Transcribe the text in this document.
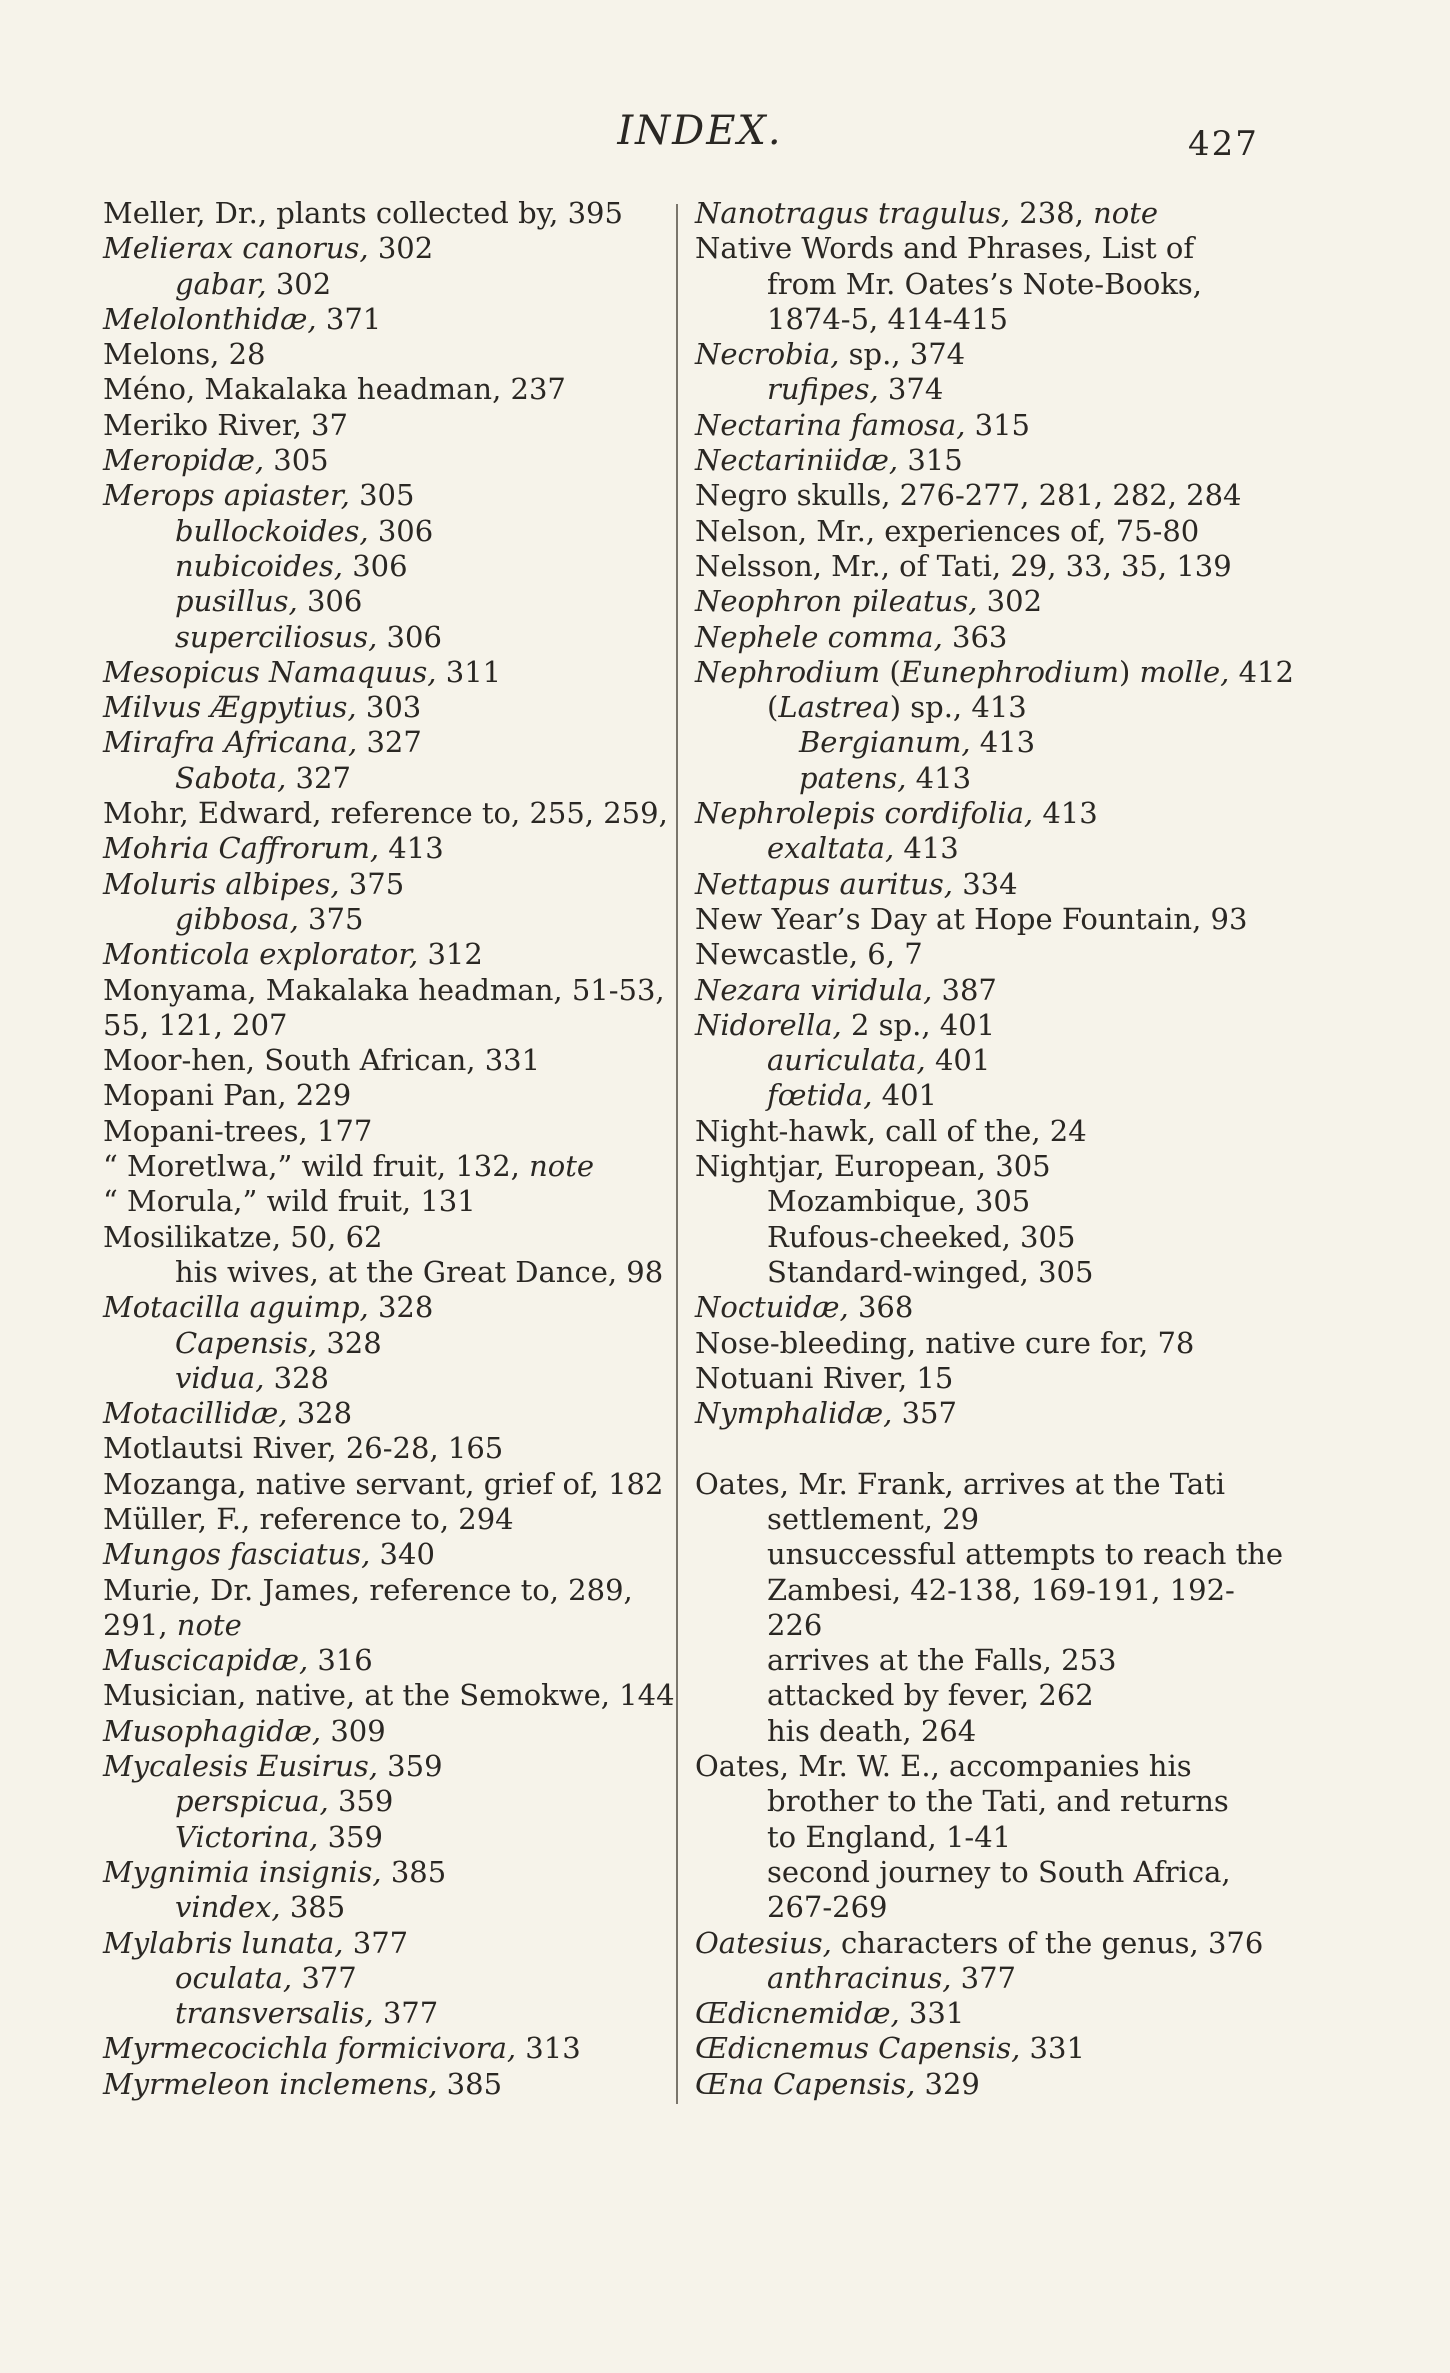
INDEX.	427
Meller, Dr., plants collected by, 395
Melierax canorus, 302
gabar, 302
Melolonthidæ, 371
Melons, 28
Méno, Makalaka headman, 237
Meriko River, 37
Meropidæ, 305
Merops apiaster, 305
bullockoides, 306
nubicoides, 306
pusillus, 306
superciliosus, 306
Mesopicus Namaquus, 311
Milvus Ægpytius, 303
Mirafra Africana, 327
Sabota, 327
Mohr, Edward, reference to, 255, 259,
Mohria Caffrorum, 413
Moluris albipes, 375
gibbosa, 375
Monticola explorator, 312
Monyama, Makalaka headman, 51-53,
55, 121, 207
Moor-hen, South African, 331
Mopani Pan, 229
Mopani-trees, 177
“ Moretlwa,” wild fruit, 132, note
“ Morula,” wild fruit, 131
Mosilikatze, 50, 62
his wives, at the Great Dance, 98
Motacilla aguimp, 328
Capensis, 328
vidua, 328
Motacillidæ, 328
Motlautsi River, 26-28, 165
Mozanga, native servant, grief of, 182
Müller, F., reference to, 294
Mungos fasciatus, 340
Murie, Dr. James, reference to, 289,
291, note
Muscicapidæ, 316
Musician, native, at the Semokwe, 144
Musophagidæ, 309
Mycalesis Eusirus, 359
perspicua, 359
Victorina, 359
Mygnimia insignis, 385
vindex, 385
Mylabris lunata, 377
oculata, 377
transversalis, 377
Myrmecocichla formicivora, 313
Myrmeleon inclemens, 385
Nanotragus tragulus, 238, note
Native Words and Phrases, List of
from Mr. Oates’s Note-Books,
1874-5, 414-415
Necrobia, sp., 374
rufipes, 374
Nectarina famosa, 315
Nectariniidæ, 315
Negro skulls, 276-277, 281, 282, 284
Nelson, Mr., experiences of, 75-80
Nelsson, Mr., of Tati, 29, 33, 35, 139
Neophron pileatus, 302
Nephele comma, 363
Nephrodium (Eunephrodium) molle, 412
(Lastrea) sp., 413
Bergianum, 413
patens, 413
Nephrolepis cordifolia, 413
exaltata, 413
Nettapus auritus, 334
New Year’s Day at Hope Fountain, 93
Newcastle, 6, 7
Nezara viridula, 387
Nidorella, 2 sp., 401
auriculata, 401
fœtida, 401
Night-hawk, call of the, 24
Nightjar, European, 305
Mozambique, 305
Rufous-cheeked, 305
Standard-winged, 305
Noctuidæ, 368
Nose-bleeding, native cure for, 78
Notuani River, 15
Nymphalidæ, 357
Oates, Mr. Frank, arrives at the Tati
settlement, 29
unsuccessful attempts to reach the
Zambesi, 42-138, 169-191, 192-
226
arrives at the Falls, 253
attacked by fever, 262
his death, 264
Oates, Mr. W. E., accompanies his
brother to the Tati, and returns
to England, 1-41
second journey to South Africa,
267-269
Oatesius, characters of the genus, 376
anthracinus, 377
Œdicnemidæ, 331
Œdicnemus Capensis, 331
Œna Capensis, 329
